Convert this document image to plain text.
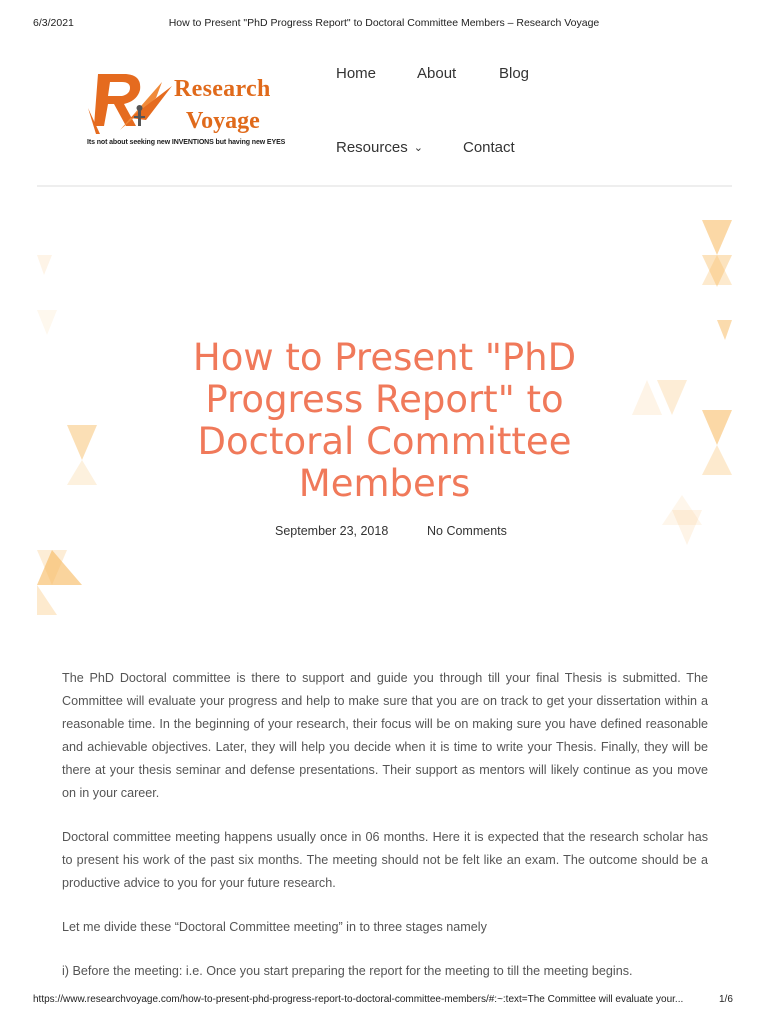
6/3/2021	How to Present "PhD Progress Report" to Doctoral Committee Members – Research Voyage
Research
Voyage
Its not about seeking new INVENTIONS but having new EYES
Home	About	Blog
Resources ⌄	Contact
How to Present "PhD Progress Report" to Doctoral Committee Members
September 23, 2018	No Comments

The PhD Doctoral committee is there to support and guide you through till your final Thesis is submitted. The Committee will evaluate your progress and help to make sure that you are on track to get your dissertation within a reasonable time. In the beginning of your research, their focus will be on making sure you have defined reasonable and achievable objectives. Later, they will help you decide when it is time to write your Thesis. Finally, they will be there at your thesis seminar and defense presentations. Their support as mentors will likely continue as you move on in your career.

Doctoral committee meeting happens usually once in 06 months. Here it is expected that the research scholar has to present his work of the past six months. The meeting should not be felt like an exam. The outcome should be a productive advice to you for your future research.

Let me divide these “Doctoral Committee meeting” in to three stages namely

i) Before the meeting: i.e. Once you start preparing the report for the meeting to till the meeting begins.

https://www.researchvoyage.com/how-to-present-phd-progress-report-to-doctoral-committee-members/#:~:text=The Committee will evaluate your...	1/6
